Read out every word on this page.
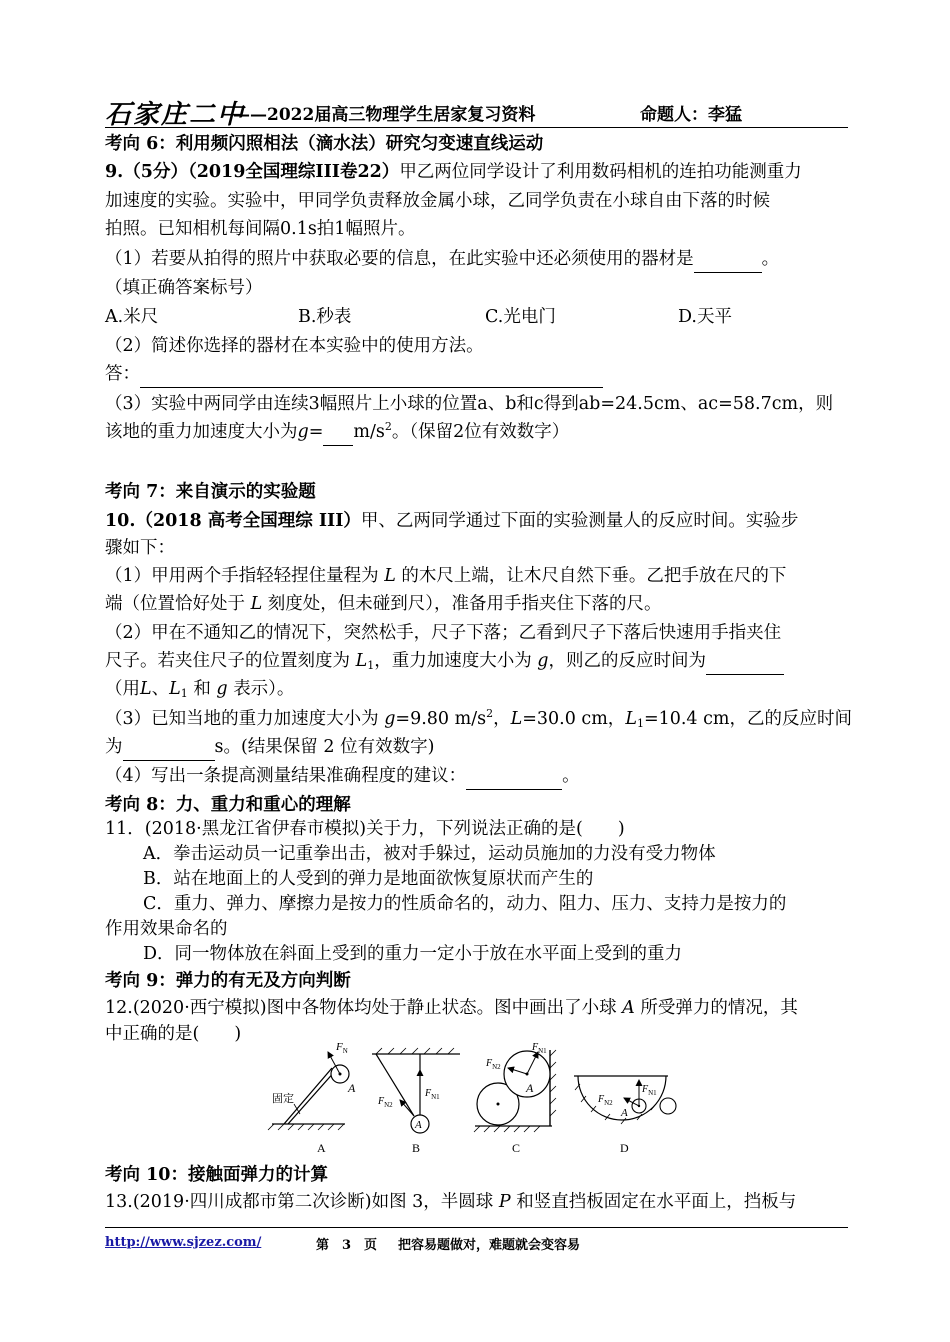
石家庄二中
——2022届高三物理学生居家复习资料	命题人：李猛
考向 6：利用频闪照相法（滴水法）研究匀变速直线运动
9.（5分）（2019全国理综III卷22）甲乙两位同学设计了利用数码相机的连拍功能测重力
加速度的实验。实验中，甲同学负责释放金属小球，乙同学负责在小球自由下落的时候
拍照。已知相机每间隔0.1s拍1幅照片。
（1）若要从拍得的照片中获取必要的信息，在此实验中还必须使用的器材是	。
（填正确答案标号）
A.米尺	B.秒表	C.光电门	D.天平
（2）简述你选择的器材在本实验中的使用方法。
答：
（3）实验中两同学由连续3幅照片上小球的位置a、b和c得到ab=24.5cm、ac=58.7cm，则
该地的重力加速度大小为$g= m/s^2$。（保留2位有效数字）
考向 7：来自演示的实验题
10.（2018 高考全国理综 III）甲、乙两同学通过下面的实验测量人的反应时间。实验步
骤如下：
（1）甲用两个手指轻轻捏住量程为 L 的木尺上端，让木尺自然下垂。乙把手放在尺的下
端（位置恰好处于 L 刻度处，但未碰到尺），准备用手指夹住下落的尺。
（2）甲在不通知乙的情况下，突然松手，尺子下落；乙看到尺子下落后快速用手指夹住
尺子。若夹住尺子的位置刻度为 $L_1$，重力加速度大小为 g，则乙的反应时间为
（用L、$L_1$ 和 g 表示）。
（3）已知当地的重力加速度大小为 g=9.80 $m/s^2$，L=30.0 cm，$L_1=10.4$ cm，乙的反应时间
为	s。(结果保留 2 位有效数字)
（4）写出一条提高测量结果准确程度的建议：	。
考向 8：力、重力和重心的理解
11．(2018·黑龙江省伊春市模拟)关于力，下列说法正确的是(　　)
A．拳击运动员一记重拳出击，被对手躲过，运动员施加的力没有受力物体
B．站在地面上的人受到的弹力是地面欲恢复原状而产生的
C．重力、弹力、摩擦力是按力的性质命名的，动力、阻力、压力、支持力是按力的
作用效果命名的
D．同一物体放在斜面上受到的重力一定小于放在水平面上受到的重力
考向 9：弹力的有无及方向判断
12.(2020·西宁模拟)图中各物体均处于静止状态。图中画出了小球 A 所受弹力的情况，其
中正确的是(　　)
$F_N$
A
固定
A
A
$F_{N1}$
$F_{N2}$
B
$F_{N2}$
$F_{N1}$
A
C
$F_{N2}$
$F_{N1}$
A
D
考向 10：接触面弹力的计算
13.(2019·四川成都市第二次诊断)如图 3，半圆球 P 和竖直挡板固定在水平面上，挡板与
http://www.sjzez.com/	第　3　页 把容易题做对，难题就会变容易
